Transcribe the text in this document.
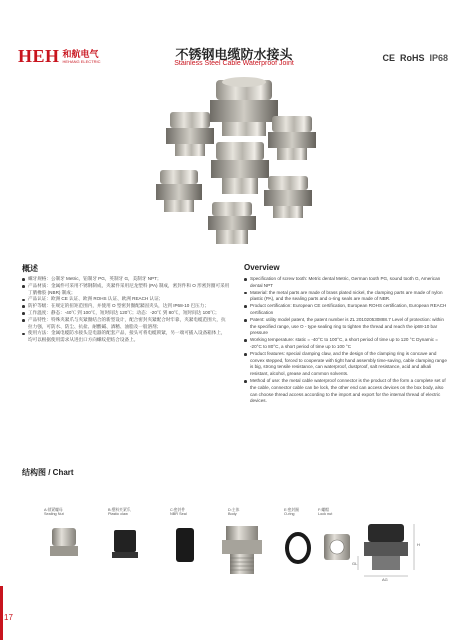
HEH 和航电气
HEHANG ELECTRIC	不锈钢电缆防水接头
Stainless Steel Cable Waterproof Joint
CE RoHS IP68
概述	Overview
螺牙规格：公制牙 Metric，铂制牙 PG，英制牙 G，美制牙 NPT；
产品材质：金属件可采用不锈钢制成，夹紧件采用尼龙塑料 (PA) 制成，密封件和 O 形密封圈可采用丁腈橡胶 (NBR) 制成；
产品认证：欧洲 CE 认证、欧洲 ROHS 认证、欧洲 REACH 认证；
防护等级：在规定的扭矩范围内，并使用 O 型密封圈配紧固夹头，达到 IP68-10 巴压力；
工作温度：静态：-40℃ 到 100℃，短时间达 120℃；动态：-20℃ 到 80℃，短时间达 100℃；
产品特性：特殊夹紧爪与夹紧圈结合的新型设计，配合密封夹紧配合时牢靠，夹紧电缆范围大，抗拉力强，可防水、防尘、抗盐、耐酸碱、酒精、油脂及一般溶剂；
使用方法：金属电缆防水接头是电器的配套产品，接头可将电缆锁紧，另一端可插入设备箱体上，均可以根据使用需求从进出口方向螺纹把结合设备上。
Specification of screw tooth: Metric dental Metric, German tooth PG, sound tooth G, American dental NPT
Material: the metal parts are made of brass plated nickel, the clamping parts are made of nylon plastic (PA), and the sealing parts and o-ring seals are made of NBR.
Product certification: European CE certification, European ROHS certification, European REACH certification
Patent: utility model patent, the patent number is ZL 201020530888.7 Level of protection: within the specified range, use O - type sealing ring to tighten the thread and reach the ip68-10 bar pressure
Working temperature: static = -40°C to 100°C, a short period of time up to 120 °C Dynamic = -20°C to 80°C, a short period of time up to 100 °C
Product features: special clamping claw, and the design of the clamping ring is concave and convex stepped, forced to cooperate with tight hand assembly time-saving, cable clamping range is big, strong tensile resistance, can waterproof, dustproof, salt resistance, acid and alkali resistant, alcohol, grease and common solvents.
Method of use: the metal cable waterproof connector is the product of the form a complete set of the cable, connector cable can be lock, the other end can access devices on the box body, also can choose thread access according to the import and export for the internal thread of electric devices.
结构图 / Chart
A:锁紧螺母
Sealing Nut
B:塑料夹紧爪
Plastic claw
C:密封件
NBR Seal
D:主体
Body
E:密封圈
O-ring
F:螺帽
Lock nut
H
GL
AG
17
